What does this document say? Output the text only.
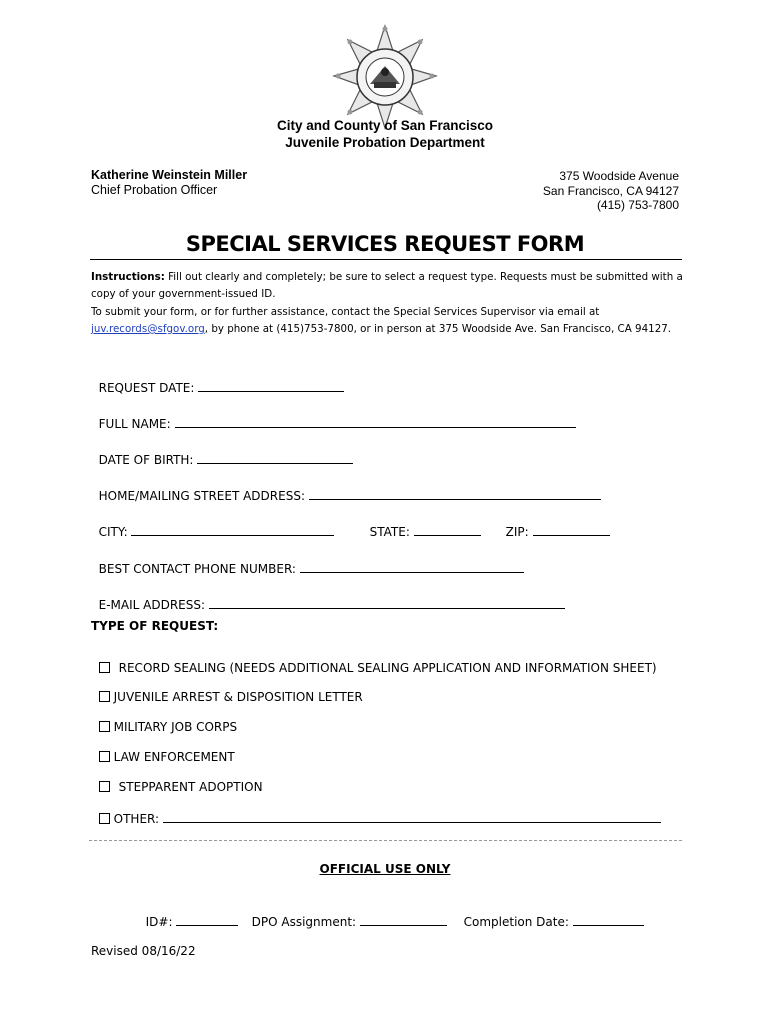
City and County of San Francisco
Juvenile Probation Department
Katherine Weinstein Miller
Chief Probation Officer
375 Woodside Avenue
San Francisco, CA 94127
(415) 753-7800
SPECIAL SERVICES REQUEST FORM
Instructions: Fill out clearly and completely; be sure to select a request type. Requests must be submitted with a copy of your government-issued ID.
To submit your form, or for further assistance, contact the Special Services Supervisor via email at juv.records@sfgov.org, by phone at (415)753-7800, or in person at 375 Woodside Ave. San Francisco, CA 94127.

REQUEST DATE:

FULL NAME:

DATE OF BIRTH:

HOME/MAILING STREET ADDRESS:

CITY:	STATE:	ZIP:

BEST CONTACT PHONE NUMBER:

E-MAIL ADDRESS:

TYPE OF REQUEST:

RECORD SEALING (NEEDS ADDITIONAL SEALING APPLICATION AND INFORMATION SHEET)

JUVENILE ARREST & DISPOSITION LETTER

MILITARY JOB CORPS

LAW ENFORCEMENT

STEPPARENT ADOPTION

OTHER:

OFFICIAL USE ONLY

ID#:	DPO Assignment:	Completion Date:

Revised 08/16/22
